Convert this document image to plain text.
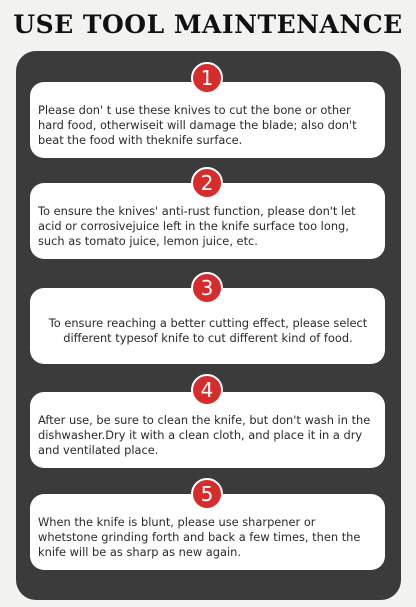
USE TOOL MAINTENANCE
Please don' t use these knives to cut the bone or other hard food, otherwiseit will damage the blade; also don't beat the food with theknife surface.
1
To ensure the knives' anti-rust function, please don't let acid or corrosivejuice left in the knife surface too long, such as tomato juice, lemon juice, etc.
2
To ensure reaching a better cutting effect, please select different typesof knife to cut different kind of food.
3
After use, be sure to clean the knife, but don't wash in the dishwasher.Dry it with a clean cloth, and place it in a dry and ventilated place.
4
When the knife is blunt, please use sharpener or whetstone grinding forth and back a few times, then the knife will be as sharp as new again.
5
